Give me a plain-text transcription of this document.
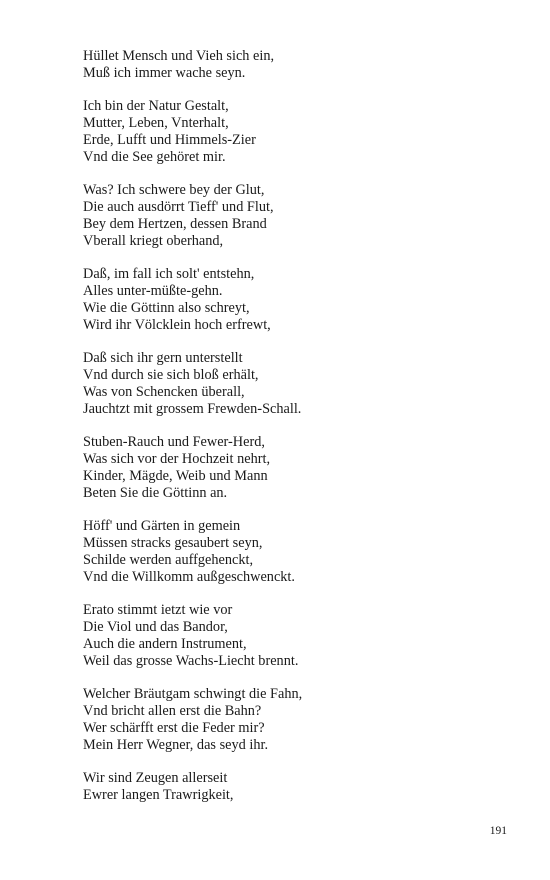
Hüllet Mensch und Vieh sich ein,
Muß ich immer wache seyn.
Ich bin der Natur Gestalt,
Mutter, Leben, Vnterhalt,
Erde, Lufft und Himmels-Zier
Vnd die See gehöret mir.
Was? Ich schwere bey der Glut,
Die auch ausdörrt Tieff' und Flut,
Bey dem Hertzen, dessen Brand
Vberall kriegt oberhand,
Daß, im fall ich solt' entstehn,
Alles unter-müßte-gehn.
Wie die Göttinn also schreyt,
Wird ihr Völcklein hoch erfrewt,
Daß sich ihr gern unterstellt
Vnd durch sie sich bloß erhält,
Was von Schencken überall,
Jauchtzt mit grossem Frewden-Schall.
Stuben-Rauch und Fewer-Herd,
Was sich vor der Hochzeit nehrt,
Kinder, Mägde, Weib und Mann
Beten Sie die Göttinn an.
Höff' und Gärten in gemein
Müssen stracks gesaubert seyn,
Schilde werden auffgehenckt,
Vnd die Willkomm außgeschwenckt.
Erato stimmt ietzt wie vor
Die Viol und das Bandor,
Auch die andern Instrument,
Weil das grosse Wachs-Liecht brennt.
Welcher Bräutgam schwingt die Fahn,
Vnd bricht allen erst die Bahn?
Wer schärfft erst die Feder mir?
Mein Herr Wegner, das seyd ihr.
Wir sind Zeugen allerseit
Ewrer langen Trawrigkeit,
191
